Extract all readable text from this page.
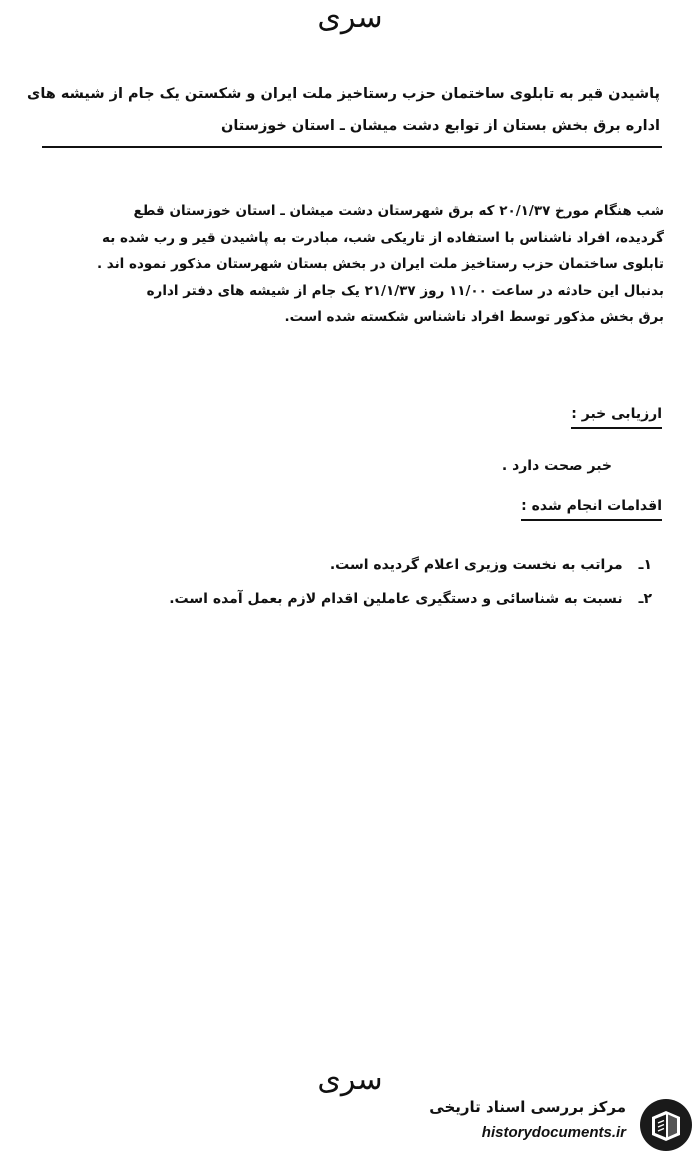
سری
پاشیدن قیر به تابلوی ساختمان حزب رستاخیز ملت ایران و شکستن یک جام از شیشه های
اداره برق بخش بستان از توابع دشت میشان ـ استان خوزستان
شب هنگام مورخ ۲۰/۱/۳۷ که برق شهرستان دشت میشان ـ استان خوزستان قطع
گردیده، افراد ناشناس با استفاده از تاریکی شب، مبادرت به پاشیدن قیر و رب شده به
تابلوی ساختمان حزب رستاخیز ملت ایران در بخش بستان شهرستان مذکور نموده اند .
بدنبال این حادثه در ساعت ۱۱/۰۰ روز ۲۱/۱/۳۷ یک جام از شیشه های دفتر اداره
برق بخش مذکور توسط افراد ناشناس شکسته شده است.
ارزیابی خبر :
خبر صحت دارد .
اقدامات انجام شده :
۱ـمراتب به نخست وزیری اعلام گردیده است.
۲ـنسبت به شناسائی و دستگیری عاملین اقدام لازم بعمل آمده است.
سری
مرکز بررسی اسناد تاریخی
historydocuments.ir
